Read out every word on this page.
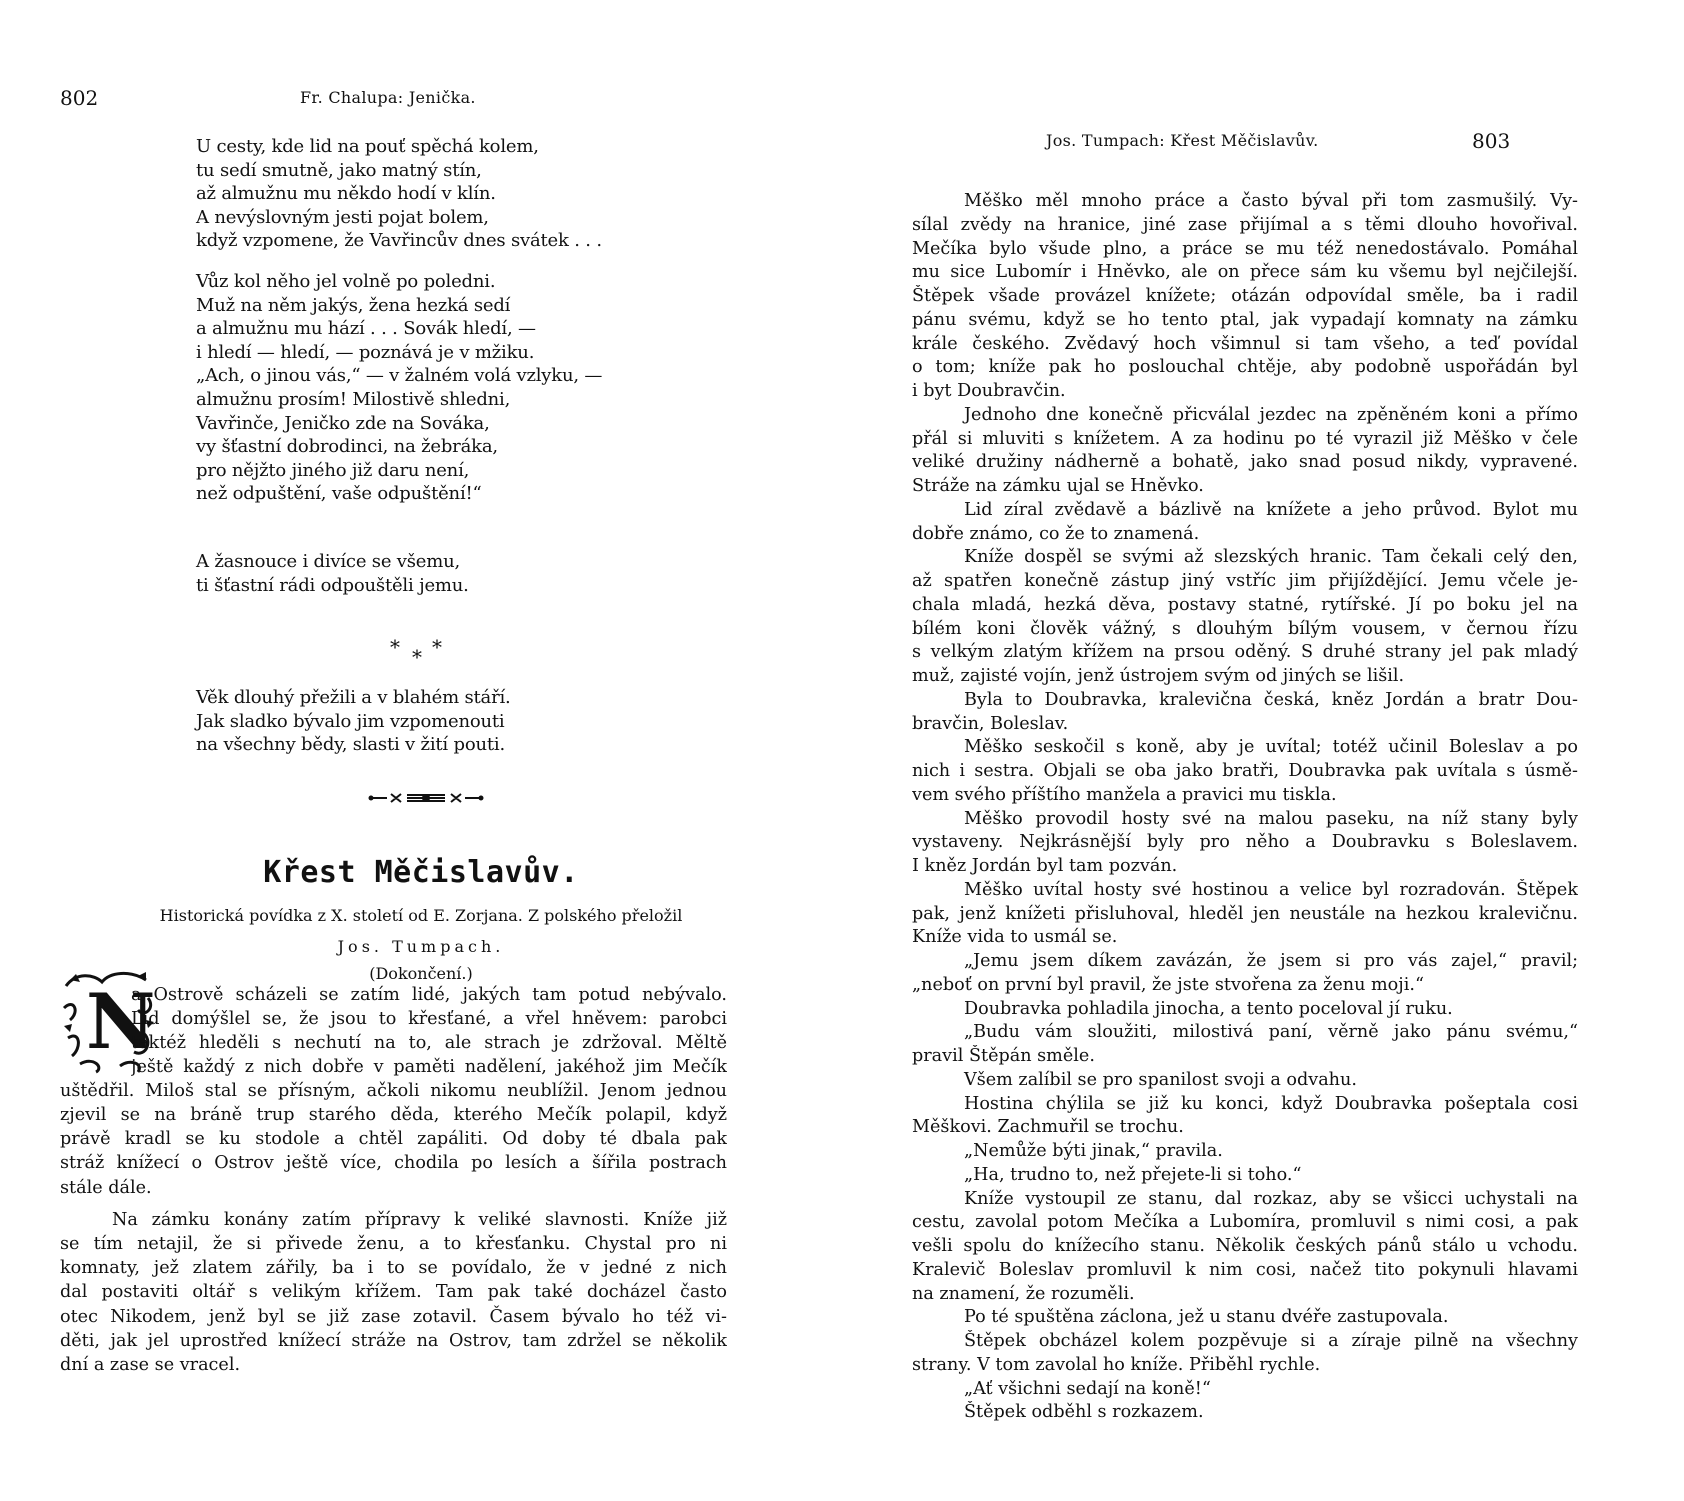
802	Fr. Chalupa: Jenička.
U cesty, kde lid na pouť spěchá kolem,
tu sedí smutně, jako matný stín,
až almužnu mu někdo hodí v klín.
A nevýslovným jesti pojat bolem,
když vzpomene, že Vavřincův dnes svátek . . .
Vůz kol něho jel volně po poledni.
Muž na něm jakýs, žena hezká sedí
a almužnu mu hází . . . Sovák hledí, —
i hledí — hledí, — poznává je v mžiku.
„Ach, o jinou vás,“ — v žalném volá vzlyku, —
almužnu prosím! Milostivě shledni,
Vavřinče, Jeničko zde na Sováka,
vy šťastní dobrodinci, na žebráka,
pro nějžto jiného již daru není,
než odpuštění, vaše odpuštění!“
A žasnouce i divíce se všemu,
ti šťastní rádi odpouštěli jemu.
* *
*
Věk dlouhý přežili a v blahém stáří.
Jak sladko bývalo jim vzpomenouti
na všechny bědy, slasti v žití pouti.
Křest Měčislavův.
Historická povídka z X. století od E. Zorjana. Z polského přeložil
Jos. Tumpach.
(Dokončení.)
N
a Ostrově scházeli se zatím lidé, jakých tam potud nebývalo.
Lid domýšlel se, že jsou to křesťané, a vřel hněvem: parobci
taktéž hleděli s nechutí na to, ale strach je zdržoval. Měltě
ještě každý z nich dobře v paměti nadělení, jakéhož jim Mečík
uštědřil. Miloš stal se přísným, ačkoli nikomu neublížil. Jenom jednou
zjevil se na bráně trup starého děda, kterého Mečík polapil, když
právě kradl se ku stodole a chtěl zapáliti. Od doby té dbala pak
stráž knížecí o Ostrov ještě více, chodila po lesích a šířila postrach
stále dále.
Na zámku konány zatím přípravy k veliké slavnosti. Kníže již
se tím netajil, že si přivede ženu, a to křesťanku. Chystal pro ni
komnaty, jež zlatem zářily, ba i to se povídalo, že v jedné z nich
dal postaviti oltář s velikým křížem. Tam pak také docházel často
otec Nikodem, jenž byl se již zase zotavil. Časem bývalo ho též vi-
děti, jak jel uprostřed knížecí stráže na Ostrov, tam zdržel se několik
dní a zase se vracel.
Jos. Tumpach: Křest Měčislavův.	803
Měško měl mnoho práce a často býval při tom zasmušilý. Vy-
sílal zvědy na hranice, jiné zase přijímal a s těmi dlouho hovořival.
Mečíka bylo všude plno, a práce se mu též nenedostávalo. Pomáhal
mu sice Lubomír i Hněvko, ale on přece sám ku všemu byl nejčilejší.
Štěpek všade provázel knížete; otázán odpovídal směle, ba i radil
pánu svému, když se ho tento ptal, jak vypadají komnaty na zámku
krále českého. Zvědavý hoch všimnul si tam všeho, a teď povídal
o tom; kníže pak ho poslouchal chtěje, aby podobně uspořádán byl
i byt Doubravčin.
Jednoho dne konečně přicválal jezdec na zpěněném koni a přímo
přál si mluviti s knížetem. A za hodinu po té vyrazil již Měško v čele
veliké družiny nádherně a bohatě, jako snad posud nikdy, vypravené.
Stráže na zámku ujal se Hněvko.
Lid zíral zvědavě a bázlivě na knížete a jeho průvod. Bylot mu
dobře známo, co že to znamená.
Kníže dospěl se svými až slezských hranic. Tam čekali celý den,
až spatřen konečně zástup jiný vstříc jim přijíždějící. Jemu včele je-
chala mladá, hezká děva, postavy statné, rytířské. Jí po boku jel na
bílém koni člověk vážný, s dlouhým bílým vousem, v černou řízu
s velkým zlatým křížem na prsou oděný. S druhé strany jel pak mladý
muž, zajisté vojín, jenž ústrojem svým od jiných se lišil.
Byla to Doubravka, kralevična česká, kněz Jordán a bratr Dou-
bravčin, Boleslav.
Měško seskočil s koně, aby je uvítal; totéž učinil Boleslav a po
nich i sestra. Objali se oba jako bratři, Doubravka pak uvítala s úsmě-
vem svého příštího manžela a pravici mu tiskla.
Měško provodil hosty své na malou paseku, na níž stany byly
vystaveny. Nejkrásnější byly pro něho a Doubravku s Boleslavem.
I kněz Jordán byl tam pozván.
Měško uvítal hosty své hostinou a velice byl rozradován. Štěpek
pak, jenž knížeti přisluhoval, hleděl jen neustále na hezkou kralevičnu.
Kníže vida to usmál se.
„Jemu jsem díkem zavázán, že jsem si pro vás zajel,“ pravil;
„neboť on první byl pravil, že jste stvořena za ženu moji.“
Doubravka pohladila jinocha, a tento poceloval jí ruku.
„Budu vám sloužiti, milostivá paní, věrně jako pánu svému,“
pravil Štěpán směle.
Všem zalíbil se pro spanilost svoji a odvahu.
Hostina chýlila se již ku konci, když Doubravka pošeptala cosi
Měškovi. Zachmuřil se trochu.
„Nemůže býti jinak,“ pravila.
„Ha, trudno to, než přejete-li si toho.“
Kníže vystoupil ze stanu, dal rozkaz, aby se všicci uchystali na
cestu, zavolal potom Mečíka a Lubomíra, promluvil s nimi cosi, a pak
vešli spolu do knížecího stanu. Několik českých pánů stálo u vchodu.
Kralevič Boleslav promluvil k nim cosi, načež tito pokynuli hlavami
na znamení, že rozuměli.
Po té spuštěna záclona, jež u stanu dvéře zastupovala.
Štěpek obcházel kolem pozpěvuje si a zíraje pilně na všechny
strany. V tom zavolal ho kníže. Přiběhl rychle.
„Ať všichni sedají na koně!“
Štěpek odběhl s rozkazem.
